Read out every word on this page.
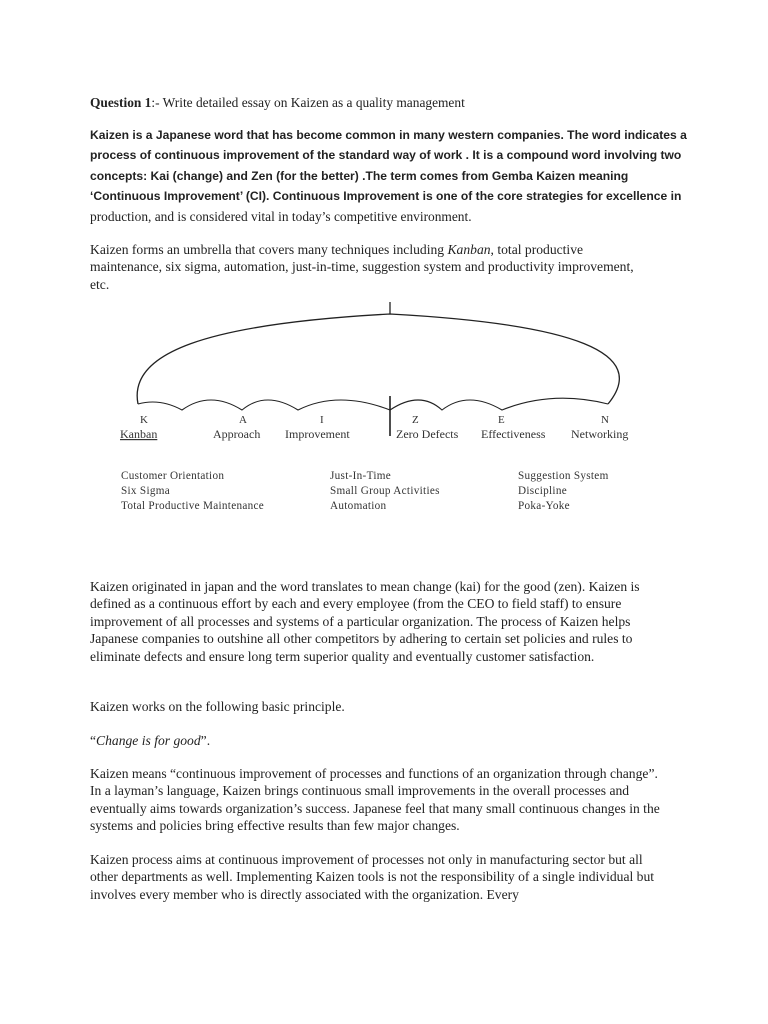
Question 1:- Write detailed essay on Kaizen as a quality management

Kaizen is a Japanese word that has become common in many western companies. The word indicates a
process of continuous improvement of the standard way of work . It is a compound word involving two
concepts: Kai (change) and Zen (for the better) .The term comes from Gemba Kaizen meaning
‘Continuous Improvement’ (CI). Continuous Improvement is one of the core strategies for excellence in
production, and is considered vital in today’s competitive environment.

Kaizen forms an umbrella that covers many techniques including Kanban, total productive maintenance, six sigma, automation, just-in-time, suggestion system and productivity improvement, etc.

K	A	I	Z	E	N
Kanban	Approach Improvement	Zero Defects Effectiveness Networking
Customer Orientation
Six Sigma
Total Productive Maintenance
Just-In-Time
Small Group Activities
Automation
Suggestion System
Discipline
Poka-Yoke

Kaizen originated in japan and the word translates to mean change (kai) for the good (zen). Kaizen is defined as a continuous effort by each and every employee (from the CEO to field staff) to ensure improvement of all processes and systems of a particular organization. The process of Kaizen helps Japanese companies to outshine all other competitors by adhering to certain set policies and rules to eliminate defects and ensure long term superior quality and eventually customer satisfaction.

Kaizen works on the following basic principle.

“Change is for good”.

Kaizen means “continuous improvement of processes and functions of an organization through change”. In a layman’s language, Kaizen brings continuous small improvements in the overall processes and eventually aims towards organization’s success. Japanese feel that many small continuous changes in the systems and policies bring effective results than few major changes.

Kaizen process aims at continuous improvement of processes not only in manufacturing sector but all other departments as well. Implementing Kaizen tools is not the responsibility of a single individual but involves every member who is directly associated with the organization. Every
